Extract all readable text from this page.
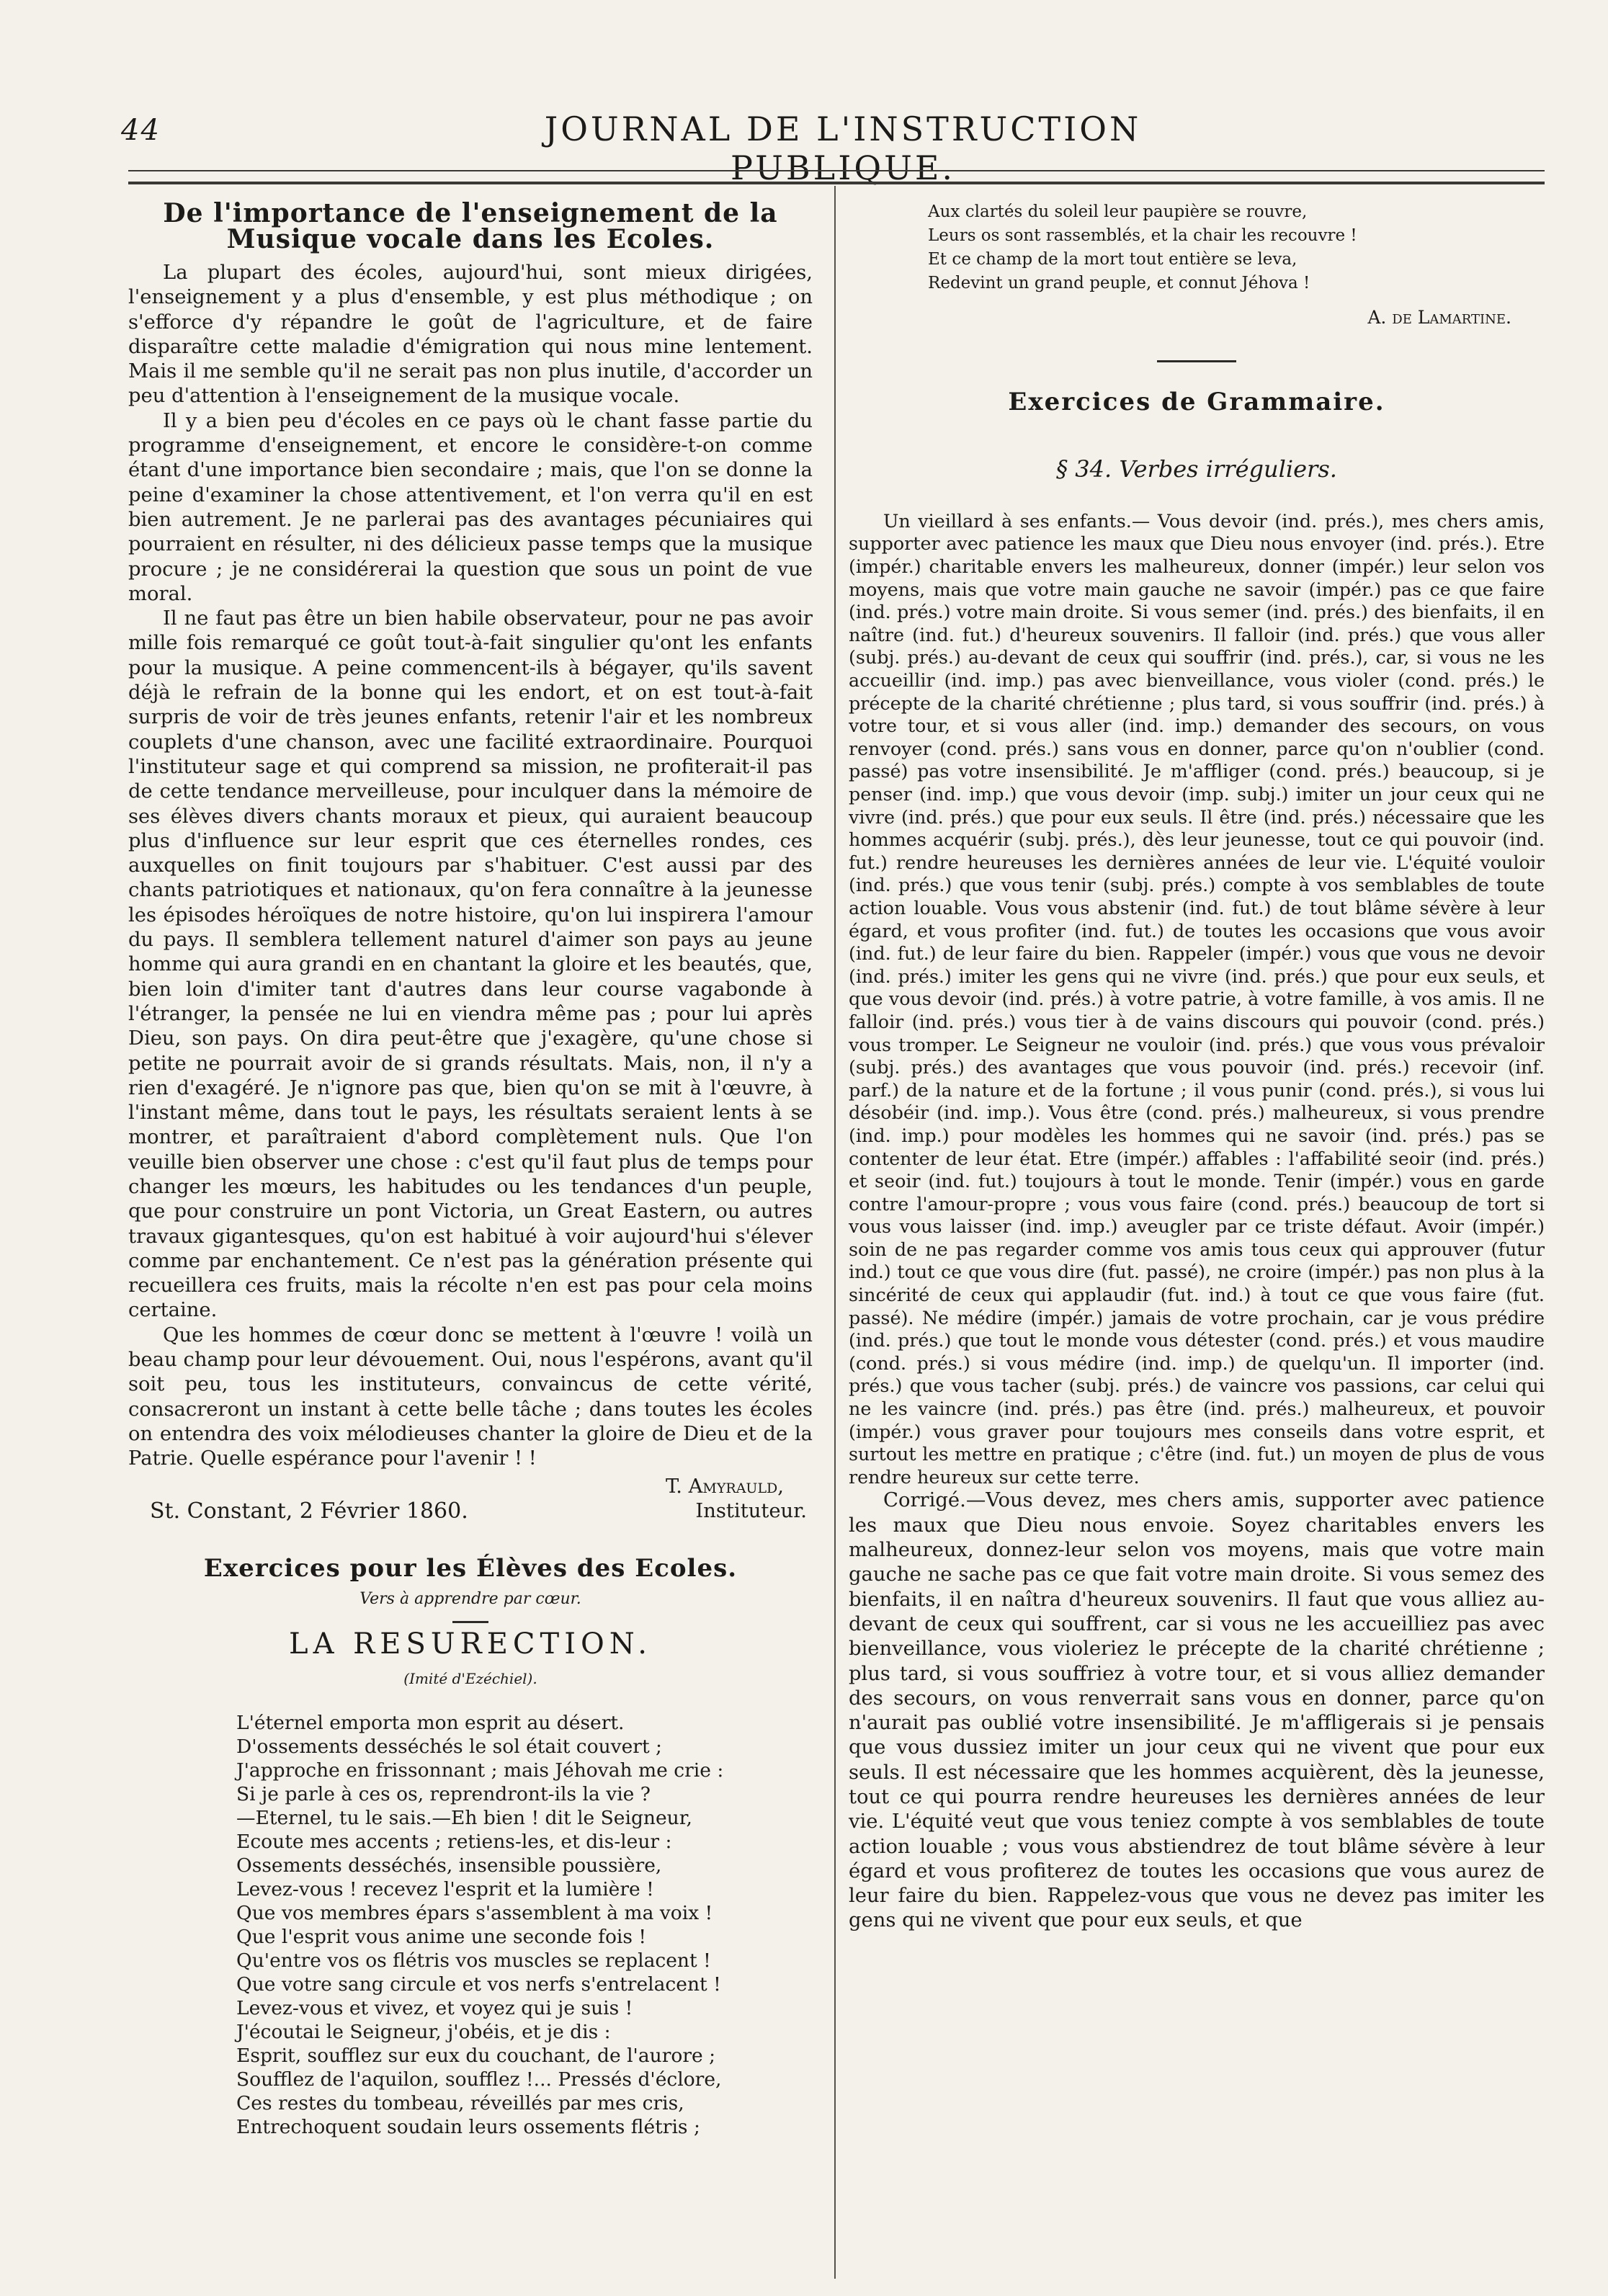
44	JOURNAL DE L'INSTRUCTION PUBLIQUE.
De l'importance de l'enseignement de la Musique vocale dans les Ecoles.

La plupart des écoles, aujourd'hui, sont mieux dirigées, l'enseignement y a plus d'ensemble, y est plus méthodique ; on s'efforce d'y répandre le goût de l'agriculture, et de faire disparaître cette maladie d'émigration qui nous mine lentement. Mais il me semble qu'il ne serait pas non plus inutile, d'accorder un peu d'attention à l'enseignement de la musique vocale.

Il y a bien peu d'écoles en ce pays où le chant fasse partie du programme d'enseignement, et encore le considère-t-on comme étant d'une importance bien secondaire ; mais, que l'on se donne la peine d'examiner la chose attentivement, et l'on verra qu'il en est bien autrement. Je ne parlerai pas des avantages pécuniaires qui pourraient en résulter, ni des délicieux passe temps que la musique procure ; je ne considérerai la question que sous un point de vue moral.

Il ne faut pas être un bien habile observateur, pour ne pas avoir mille fois remarqué ce goût tout-à-fait singulier qu'ont les enfants pour la musique. A peine commencent-ils à bégayer, qu'ils savent déjà le refrain de la bonne qui les endort, et on est tout-à-fait surpris de voir de très jeunes enfants, retenir l'air et les nombreux couplets d'une chanson, avec une facilité extraordinaire. Pourquoi l'instituteur sage et qui comprend sa mission, ne profiterait-il pas de cette tendance merveilleuse, pour inculquer dans la mémoire de ses élèves divers chants moraux et pieux, qui auraient beaucoup plus d'influence sur leur esprit que ces éternelles rondes, ces auxquelles on finit toujours par s'habituer. C'est aussi par des chants patriotiques et nationaux, qu'on fera connaître à la jeunesse les épisodes héroïques de notre histoire, qu'on lui inspirera l'amour du pays. Il semblera tellement naturel d'aimer son pays au jeune homme qui aura grandi en en chantant la gloire et les beautés, que, bien loin d'imiter tant d'autres dans leur course vagabonde à l'étranger, la pensée ne lui en viendra même pas ; pour lui après Dieu, son pays. On dira peut-être que j'exagère, qu'une chose si petite ne pourrait avoir de si grands résultats. Mais, non, il n'y a rien d'exagéré. Je n'ignore pas que, bien qu'on se mit à l'œuvre, à l'instant même, dans tout le pays, les résultats seraient lents à se montrer, et paraîtraient d'abord complètement nuls. Que l'on veuille bien observer une chose : c'est qu'il faut plus de temps pour changer les mœurs, les habitudes ou les tendances d'un peuple, que pour construire un pont Victoria, un Great Eastern, ou autres travaux gigantesques, qu'on est habitué à voir aujourd'hui s'élever comme par enchantement. Ce n'est pas la génération présente qui recueillera ces fruits, mais la récolte n'en est pas pour cela moins certaine.

Que les hommes de cœur donc se mettent à l'œuvre ! voilà un beau champ pour leur dévouement. Oui, nous l'espérons, avant qu'il soit peu, tous les instituteurs, convaincus de cette vérité, consacreront un instant à cette belle tâche ; dans toutes les écoles on entendra des voix mélodieuses chanter la gloire de Dieu et de la Patrie. Quelle espérance pour l'avenir ! !

T. Amyrauld,
Instituteur.
St. Constant, 2 Février 1860.
Exercices pour les Élèves des Ecoles.
Vers à apprendre par cœur.
LA RESURECTION.
(Imité d'Ezéchiel).
L'éternel emporta mon esprit au désert.
D'ossements desséchés le sol était couvert ;
J'approche en frissonnant ; mais Jéhovah me crie :
Si je parle à ces os, reprendront-ils la vie ?
—Eternel, tu le sais.—Eh bien ! dit le Seigneur,
Ecoute mes accents ; retiens-les, et dis-leur :
Ossements desséchés, insensible poussière,
Levez-vous ! recevez l'esprit et la lumière !
Que vos membres épars s'assemblent à ma voix !
Que l'esprit vous anime une seconde fois !
Qu'entre vos os flétris vos muscles se replacent !
Que votre sang circule et vos nerfs s'entrelacent !
Levez-vous et vivez, et voyez qui je suis !
J'écoutai le Seigneur, j'obéis, et je dis :
Esprit, soufflez sur eux du couchant, de l'aurore ;
Soufflez de l'aquilon, soufflez !... Pressés d'éclore,
Ces restes du tombeau, réveillés par mes cris,
Entrechoquent soudain leurs ossements flétris ;
Aux clartés du soleil leur paupière se rouvre,
Leurs os sont rassemblés, et la chair les recouvre !
Et ce champ de la mort tout entière se leva,
Redevint un grand peuple, et connut Jéhova !
A. de Lamartine.
Exercices de Grammaire.
§ 34. Verbes irréguliers.

Un vieillard à ses enfants.— Vous devoir (ind. prés.), mes chers amis, supporter avec patience les maux que Dieu nous envoyer (ind. prés.). Etre (impér.) charitable envers les malheureux, donner (impér.) leur selon vos moyens, mais que votre main gauche ne savoir (impér.) pas ce que faire (ind. prés.) votre main droite. Si vous semer (ind. prés.) des bienfaits, il en naître (ind. fut.) d'heureux souvenirs. Il falloir (ind. prés.) que vous aller (subj. prés.) au-devant de ceux qui souffrir (ind. prés.), car, si vous ne les accueillir (ind. imp.) pas avec bienveillance, vous violer (cond. prés.) le précepte de la charité chrétienne ; plus tard, si vous souffrir (ind. prés.) à votre tour, et si vous aller (ind. imp.) demander des secours, on vous renvoyer (cond. prés.) sans vous en donner, parce qu'on n'oublier (cond. passé) pas votre insensibilité. Je m'affliger (cond. prés.) beaucoup, si je penser (ind. imp.) que vous devoir (imp. subj.) imiter un jour ceux qui ne vivre (ind. prés.) que pour eux seuls. Il être (ind. prés.) nécessaire que les hommes acquérir (subj. prés.), dès leur jeunesse, tout ce qui pouvoir (ind. fut.) rendre heureuses les dernières années de leur vie. L'équité vouloir (ind. prés.) que vous tenir (subj. prés.) compte à vos semblables de toute action louable. Vous vous abstenir (ind. fut.) de tout blâme sévère à leur égard, et vous profiter (ind. fut.) de toutes les occasions que vous avoir (ind. fut.) de leur faire du bien. Rappeler (impér.) vous que vous ne devoir (ind. prés.) imiter les gens qui ne vivre (ind. prés.) que pour eux seuls, et que vous devoir (ind. prés.) à votre patrie, à votre famille, à vos amis. Il ne falloir (ind. prés.) vous tier à de vains discours qui pouvoir (cond. prés.) vous tromper. Le Seigneur ne vouloir (ind. prés.) que vous vous prévaloir (subj. prés.) des avantages que vous pouvoir (ind. prés.) recevoir (inf. parf.) de la nature et de la fortune ; il vous punir (cond. prés.), si vous lui désobéir (ind. imp.). Vous être (cond. prés.) malheureux, si vous prendre (ind. imp.) pour modèles les hommes qui ne savoir (ind. prés.) pas se contenter de leur état. Etre (impér.) affables : l'affabilité seoir (ind. prés.) et seoir (ind. fut.) toujours à tout le monde. Tenir (impér.) vous en garde contre l'amour-propre ; vous vous faire (cond. prés.) beaucoup de tort si vous vous laisser (ind. imp.) aveugler par ce triste défaut. Avoir (impér.) soin de ne pas regarder comme vos amis tous ceux qui approuver (futur ind.) tout ce que vous dire (fut. passé), ne croire (impér.) pas non plus à la sincérité de ceux qui applaudir (fut. ind.) à tout ce que vous faire (fut. passé). Ne médire (impér.) jamais de votre prochain, car je vous prédire (ind. prés.) que tout le monde vous détester (cond. prés.) et vous maudire (cond. prés.) si vous médire (ind. imp.) de quelqu'un. Il importer (ind. prés.) que vous tacher (subj. prés.) de vaincre vos passions, car celui qui ne les vaincre (ind. prés.) pas être (ind. prés.) malheureux, et pouvoir (impér.) vous graver pour toujours mes conseils dans votre esprit, et surtout les mettre en pratique ; c'être (ind. fut.) un moyen de plus de vous rendre heureux sur cette terre.

Corrigé.—Vous devez, mes chers amis, supporter avec patience les maux que Dieu nous envoie. Soyez charitables envers les malheureux, donnez-leur selon vos moyens, mais que votre main gauche ne sache pas ce que fait votre main droite. Si vous semez des bienfaits, il en naîtra d'heureux souvenirs. Il faut que vous alliez au-devant de ceux qui souffrent, car si vous ne les accueilliez pas avec bienveillance, vous violeriez le précepte de la charité chrétienne ; plus tard, si vous souffriez à votre tour, et si vous alliez demander des secours, on vous renverrait sans vous en donner, parce qu'on n'aurait pas oublié votre insensibilité. Je m'affligerais si je pensais que vous dussiez imiter un jour ceux qui ne vivent que pour eux seuls. Il est nécessaire que les hommes acquièrent, dès la jeunesse, tout ce qui pourra rendre heureuses les dernières années de leur vie. L'équité veut que vous teniez compte à vos semblables de toute action louable ; vous vous abstiendrez de tout blâme sévère à leur égard et vous profiterez de toutes les occasions que vous aurez de leur faire du bien. Rappelez-vous que vous ne devez pas imiter les gens qui ne vivent que pour eux seuls, et que
